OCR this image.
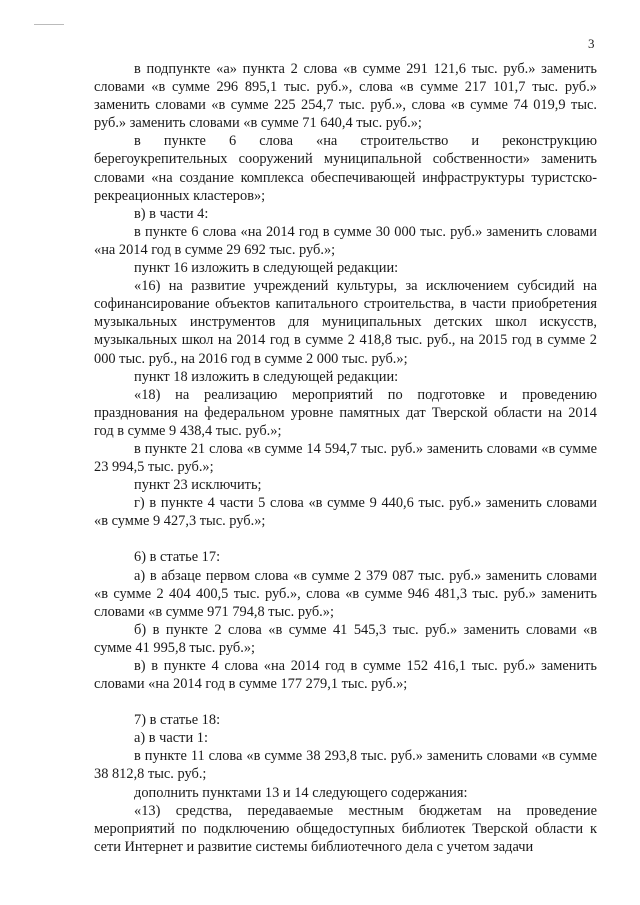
3

в подпункте «а» пункта 2 слова «в сумме 291 121,6 тыс. руб.» заменить словами «в сумме 296 895,1 тыс. руб.», слова «в сумме 217 101,7 тыс. руб.» заменить словами «в сумме 225 254,7 тыс. руб.», слова «в сумме 74 019,9 тыс. руб.» заменить словами «в сумме 71 640,4 тыс. руб.»;

в пункте 6 слова «на строительство и реконструкцию берегоукрепительных сооружений муниципальной собственности» заменить словами «на создание комплекса обеспечивающей инфраструктуры туристско-рекреационных кластеров»;

в) в части 4:

в пункте 6 слова «на 2014 год в сумме 30 000 тыс. руб.» заменить словами «на 2014 год в сумме 29 692 тыс. руб.»;

пункт 16 изложить в следующей редакции:

«16) на развитие учреждений культуры, за исключением субсидий на софинансирование объектов капитального строительства, в части приобретения музыкальных инструментов для муниципальных детских школ искусств, музыкальных школ на 2014 год в сумме 2 418,8 тыс. руб., на 2015 год в сумме 2 000 тыс. руб., на 2016 год в сумме 2 000 тыс. руб.»;

пункт 18 изложить в следующей редакции:

«18) на реализацию мероприятий по подготовке и проведению празднования на федеральном уровне памятных дат Тверской области на 2014 год в сумме 9 438,4 тыс. руб.»;

в пункте 21 слова «в сумме 14 594,7 тыс. руб.» заменить словами «в сумме 23 994,5 тыс. руб.»;

пункт 23 исключить;

г) в пункте 4 части 5 слова «в сумме 9 440,6 тыс. руб.» заменить словами «в сумме 9 427,3 тыс. руб.»;

6) в статье 17:

а) в абзаце первом слова «в сумме 2 379 087 тыс. руб.» заменить словами «в сумме 2 404 400,5 тыс. руб.», слова «в сумме 946 481,3 тыс. руб.» заменить словами «в сумме 971 794,8 тыс. руб.»;

б) в пункте 2 слова «в сумме 41 545,3 тыс. руб.» заменить словами «в сумме 41 995,8 тыс. руб.»;

в) в пункте 4 слова «на 2014 год в сумме 152 416,1 тыс. руб.» заменить словами «на 2014 год в сумме 177 279,1 тыс. руб.»;

7) в статье 18:

а) в части 1:

в пункте 11 слова «в сумме 38 293,8 тыс. руб.» заменить словами «в сумме 38 812,8 тыс. руб.;

дополнить пунктами 13 и 14 следующего содержания:

«13) средства, передаваемые местным бюджетам на проведение мероприятий по подключению общедоступных библиотек Тверской области к сети Интернет и развитие системы библиотечного дела с учетом задачи
